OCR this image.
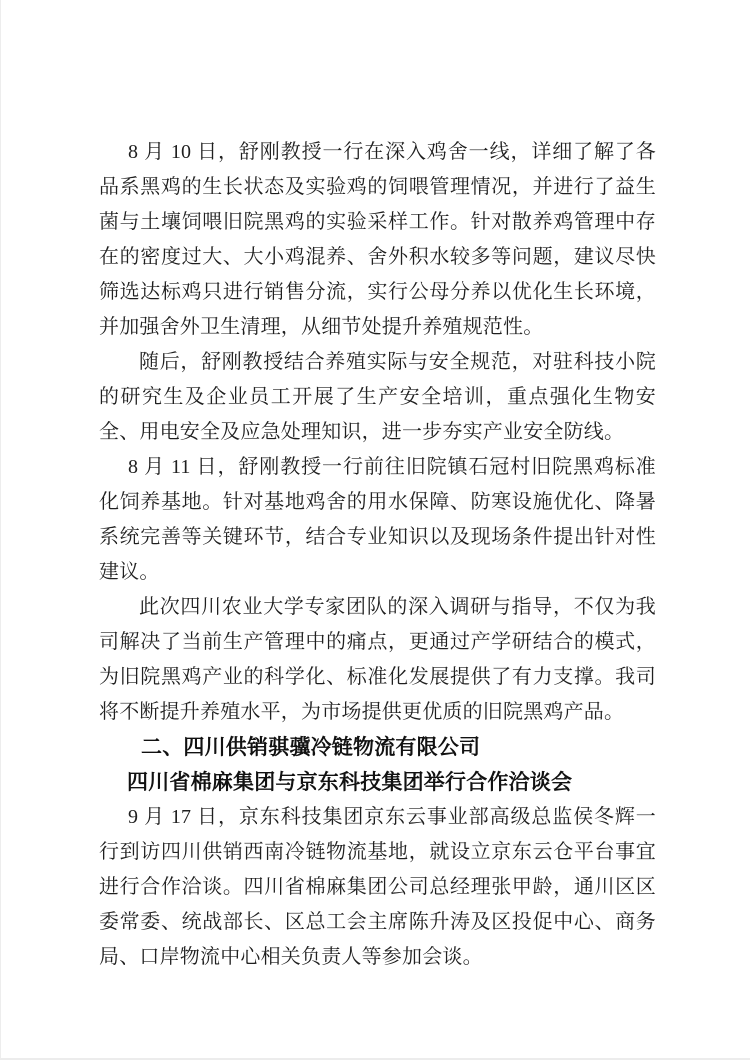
8 月 10 日，舒刚教授一行在深入鸡舍一线，详细了解了各品系黑鸡的生长状态及实验鸡的饲喂管理情况，并进行了益生菌与土壤饲喂旧院黑鸡的实验采样工作。针对散养鸡管理中存在的密度过大、大小鸡混养、舍外积水较多等问题，建议尽快筛选达标鸡只进行销售分流，实行公母分养以优化生长环境，并加强舍外卫生清理，从细节处提升养殖规范性。

随后，舒刚教授结合养殖实际与安全规范，对驻科技小院的研究生及企业员工开展了生产安全培训，重点强化生物安全、用电安全及应急处理知识，进一步夯实产业安全防线。

8 月 11 日，舒刚教授一行前往旧院镇石冠村旧院黑鸡标准化饲养基地。针对基地鸡舍的用水保障、防寒设施优化、降暑系统完善等关键环节，结合专业知识以及现场条件提出针对性建议。

此次四川农业大学专家团队的深入调研与指导，不仅为我司解决了当前生产管理中的痛点，更通过产学研结合的模式，为旧院黑鸡产业的科学化、标准化发展提供了有力支撑。我司将不断提升养殖水平，为市场提供更优质的旧院黑鸡产品。

二、四川供销骐骥冷链物流有限公司

四川省棉麻集团与京东科技集团举行合作洽谈会

9 月 17 日，京东科技集团京东云事业部高级总监侯冬辉一行到访四川供销西南冷链物流基地，就设立京东云仓平台事宜进行合作洽谈。四川省棉麻集团公司总经理张甲龄，通川区区委常委、统战部长、区总工会主席陈升涛及区投促中心、商务局、口岸物流中心相关负责人等参加会谈。
